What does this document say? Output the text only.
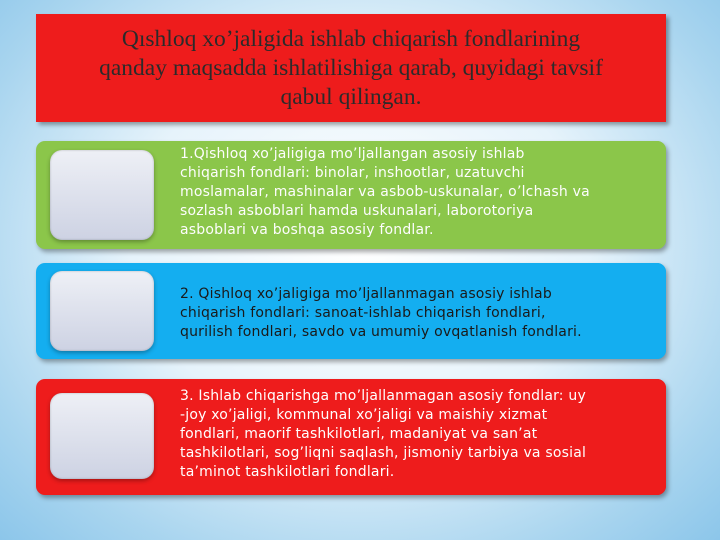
Qıshloq xo’jaligida ishlab chiqarish fondlarining
qanday maqsadda ishlatilishiga qarab, quyidagi tavsif
qabul qilingan.
1.Qishloq xo’jaligiga mo’ljallangan asosiy ishlab
chiqarish fondlari: binolar, inshootlar, uzatuvchi
moslamalar, mashinalar va asbob-uskunalar, o’lchash va
sozlash asboblari hamda uskunalari, laborotoriya
asboblari va boshqa asosiy fondlar.
2. Qishloq xo’jaligiga mo’ljallanmagan asosiy ishlab
chiqarish fondlari: sanoat-ishlab chiqarish fondlari,
qurilish fondlari, savdo va umumiy ovqatlanish fondlari.
3. Ishlab chiqarishga mo’ljallanmagan asosiy fondlar: uy
-joy xo’jaligi, kommunal xo’jaligi va maishiy xizmat
fondlari, maorif tashkilotlari, madaniyat va san’at
tashkilotlari, sog’liqni saqlash, jismoniy tarbiya va sosial
ta’minot tashkilotlari fondlari.
